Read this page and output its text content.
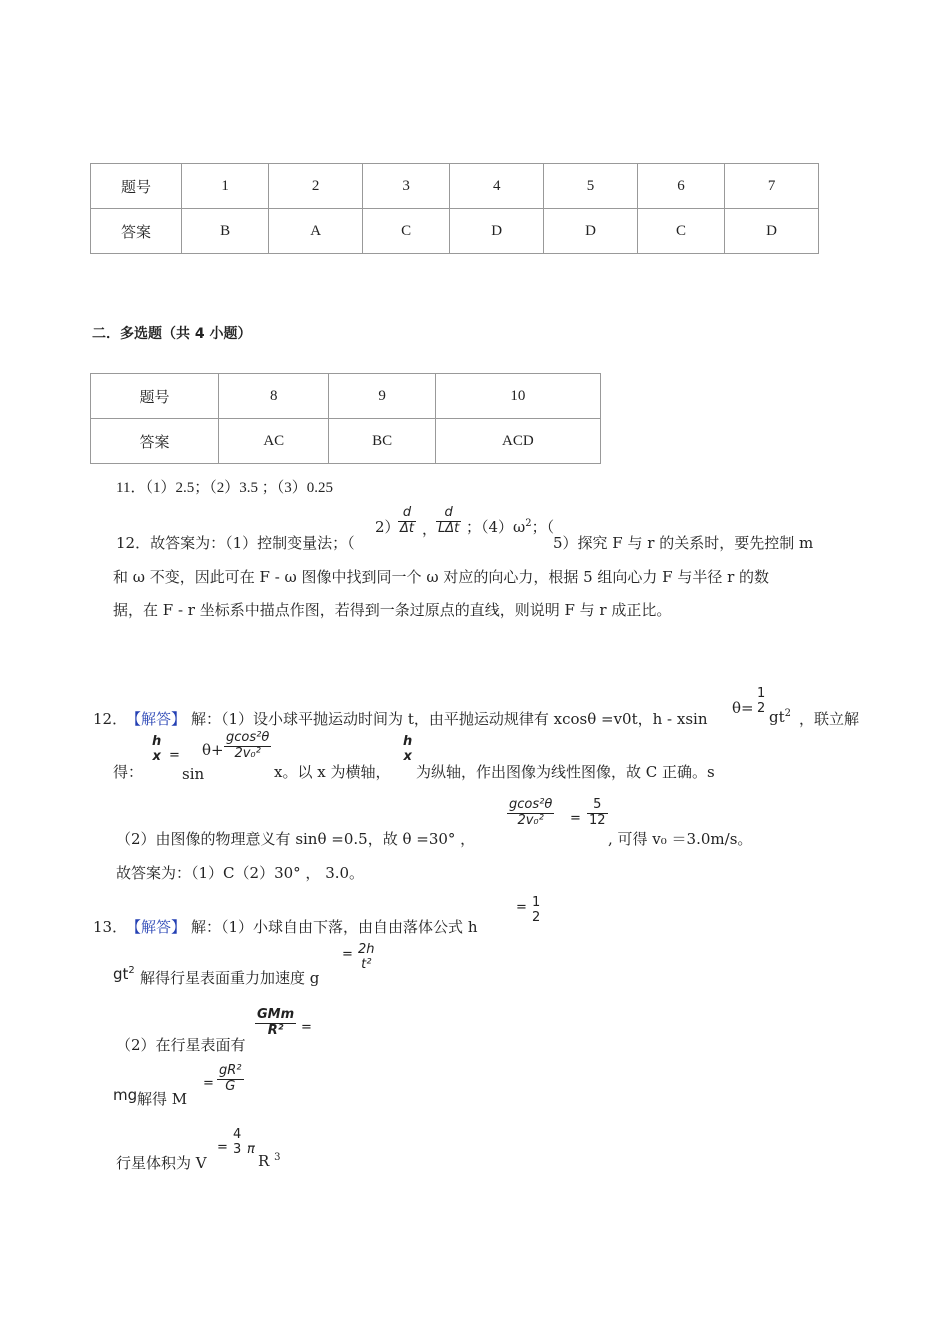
题号	1	2	3	4	5	6	7
答案	B	A	C	D	D	C	D
二．多选题（共 4 小题）
题号	8	9	10
答案	AC	BC	ACD
11．（1）2.5；（2）3.5 ；（3）0.25
12．故答案为：（1）控制变量法；（
2）
$\frac{d}{\Delta t}$ ，
d
LΔt ；$(4)\omega^2$；（
5）探究 F 与 r 的关系时，要先控制 m
和 ω 不变，因此可在 F - ω 图像中找到同一个 ω 对应的向心力，根据 5 组向心力 F 与半径 r 的数
据，在 F - r 坐标系中描点作图，若得到一条过原点的直线，则说明 F 与 r 成正比。
12．
【解答】 解：（1）设小球平抛运动时间为 t，由平抛运动规律有 xcosθ =v0t，h - xsin
θ=
1
2 $gt^2$ ，联立解
得：
h
x =
sin
$\theta+ \frac{\text{gcos²θ}}{\text{2v₀²}}$
x。以 x 为横轴，
h
x
为纵轴，作出图像为线性图像，故 C 正确。s
（2）由图像的物理意义有 sinθ =0.5，故 θ =30° ，
$\frac{\text{gcos²θ}}{\text{2v₀²}} = \frac{5}{12}$
, 可得 v₀ ＝3.0m/s。
故答案为：（1）C（2）30° ， 3.0。
13．
【解答】 解：（1）小球自由下落，由自由落体公式 h
= 1
2
$gt^2$ 解得行星表面重力加速度 g
= 2h
t²
（2）在行星表面有
GMm
R²	=
mg 解得 M
= $\frac{\text{gR²}}{G}$
行星体积为 V
=
4
3 π
R $^3$
